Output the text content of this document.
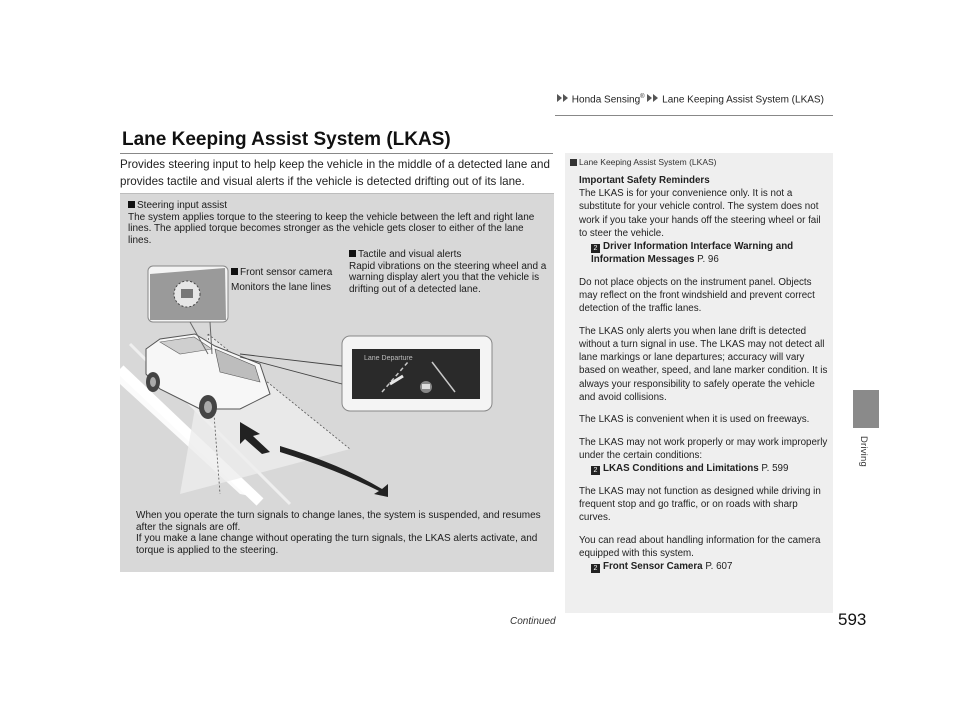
Honda Sensing® Lane Keeping Assist System (LKAS)
Lane Keeping Assist System (LKAS)
Provides steering input to help keep the vehicle in the middle of a detected lane and provides tactile and visual alerts if the vehicle is detected drifting out of its lane.
Lane Departure
Steering input assist
The system applies torque to the steering to keep the vehicle between the left and right lane lines. The applied torque becomes stronger as the vehicle gets closer to either of the lane lines.
Front sensor camera

Monitors the lane lines
Tactile and visual alerts
Rapid vibrations on the steering wheel and a warning display alert you that the vehicle is drifting out of a detected lane.
When you operate the turn signals to change lanes, the system is suspended, and resumes after the signals are off.
If you make a lane change without operating the turn signals, the LKAS alerts activate, and torque is applied to the steering.
Lane Keeping Assist System (LKAS)

Important Safety Reminders
The LKAS is for your convenience only. It is not a substitute for your vehicle control. The system does not work if you take your hands off the steering wheel or fail to steer the vehicle.

2 Driver Information Interface Warning and Information Messages P. 96

Do not place objects on the instrument panel. Objects may reflect on the front windshield and prevent correct detection of the traffic lanes.

The LKAS only alerts you when lane drift is detected without a turn signal in use. The LKAS may not detect all lane markings or lane departures; accuracy will vary based on weather, speed, and lane marker condition. It is always your responsibility to safely operate the vehicle and avoid collisions.

The LKAS is convenient when it is used on freeways.

The LKAS may not work properly or may work improperly under the certain conditions:

2 LKAS Conditions and Limitations P. 599

The LKAS may not function as designed while driving in frequent stop and go traffic, or on roads with sharp curves.

You can read about handling information for the camera equipped with this system.

2 Front Sensor Camera P. 607

Driving
Continued	593
